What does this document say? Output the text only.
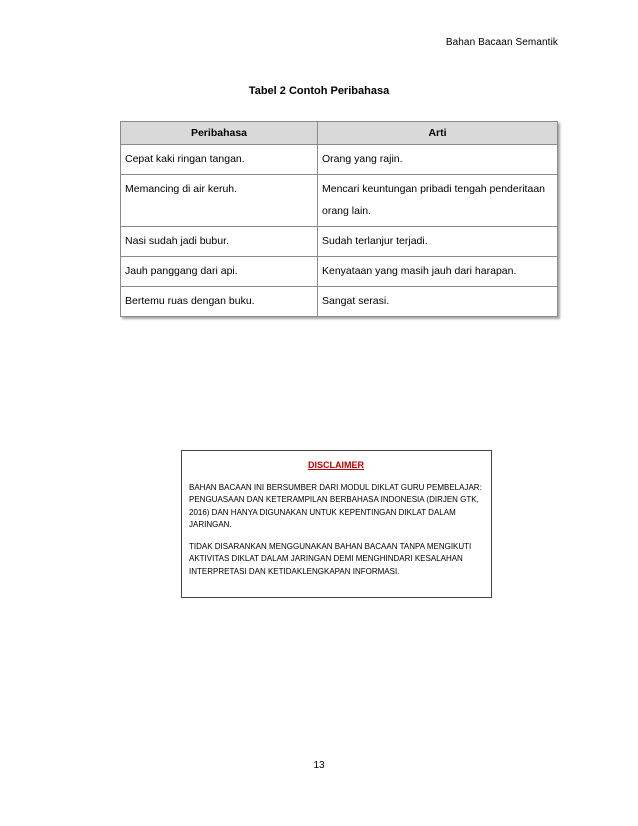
Bahan Bacaan Semantik
Tabel 2 Contoh Peribahasa
Peribahasa	Arti
Cepat kaki ringan tangan.	Orang yang rajin.
Memancing di air keruh.	Mencari keuntungan pribadi tengah penderitaan orang lain.
Nasi sudah jadi bubur.	Sudah terlanjur terjadi.
Jauh panggang dari api.	Kenyataan yang masih jauh dari harapan.
Bertemu ruas dengan buku.	Sangat serasi.
DISCLAIMER

BAHAN BACAAN INI BERSUMBER DARI MODUL DIKLAT GURU PEMBELAJAR: PENGUASAAN DAN KETERAMPILAN BERBAHASA INDONESIA (DIRJEN GTK, 2016) DAN HANYA DIGUNAKAN UNTUK KEPENTINGAN DIKLAT DALAM JARINGAN.

TIDAK DISARANKAN MENGGUNAKAN BAHAN BACAAN TANPA MENGIKUTI AKTIVITAS DIKLAT DALAM JARINGAN DEMI MENGHINDARI KESALAHAN INTERPRETASI DAN KETIDAKLENGKAPAN INFORMASI.

13
